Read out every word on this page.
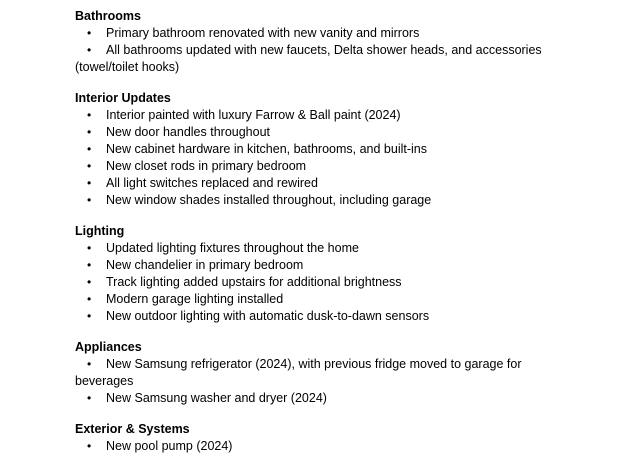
Bathrooms

• Primary bathroom renovated with new vanity and mirrors
• All bathrooms updated with new faucets, Delta shower heads, and accessories (towel/toilet hooks)

Interior Updates

• Interior painted with luxury Farrow & Ball paint (2024)
• New door handles throughout
• New cabinet hardware in kitchen, bathrooms, and built-ins
• New closet rods in primary bedroom
• All light switches replaced and rewired
• New window shades installed throughout, including garage

Lighting

• Updated lighting fixtures throughout the home
• New chandelier in primary bedroom
• Track lighting added upstairs for additional brightness
• Modern garage lighting installed
• New outdoor lighting with automatic dusk-to-dawn sensors

Appliances

• New Samsung refrigerator (2024), with previous fridge moved to garage for beverages
• New Samsung washer and dryer (2024)

Exterior & Systems

• New pool pump (2024)
